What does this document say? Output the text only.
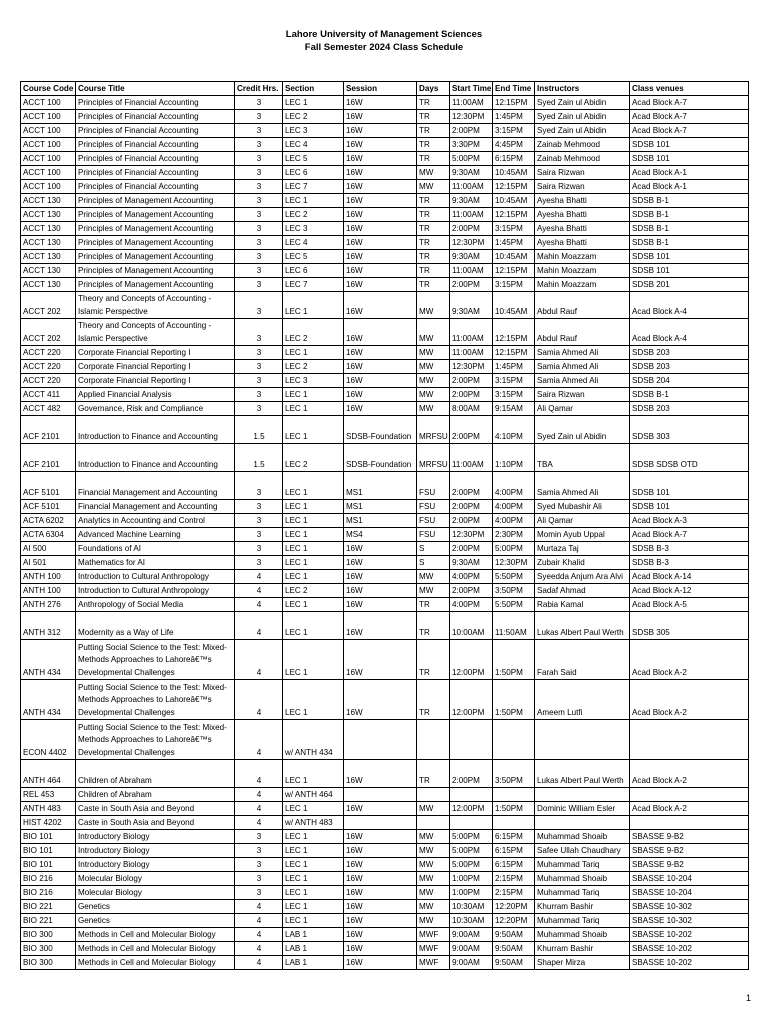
Lahore University of Management Sciences
Fall Semester 2024 Class Schedule
Course Code	Course Title	Credit Hrs.	Section	Session	Days	Start Time	End Time	Instructors	Class venues
ACCT 100	Principles of Financial Accounting	3	LEC 1	16W	TR	11:00AM	12:15PM	Syed Zain ul Abidin	Acad Block A-7
ACCT 100	Principles of Financial Accounting	3	LEC 2	16W	TR	12:30PM	1:45PM	Syed Zain ul Abidin	Acad Block A-7
ACCT 100	Principles of Financial Accounting	3	LEC 3	16W	TR	2:00PM	3:15PM	Syed Zain ul Abidin	Acad Block A-7
ACCT 100	Principles of Financial Accounting	3	LEC 4	16W	TR	3:30PM	4:45PM	Zainab Mehmood	SDSB 101
ACCT 100	Principles of Financial Accounting	3	LEC 5	16W	TR	5:00PM	6:15PM	Zainab Mehmood	SDSB 101
ACCT 100	Principles of Financial Accounting	3	LEC 6	16W	MW	9:30AM	10:45AM	Saira Rizwan	Acad Block A-1
ACCT 100	Principles of Financial Accounting	3	LEC 7	16W	MW	11:00AM	12:15PM	Saira Rizwan	Acad Block A-1
ACCT 130	Principles of Management Accounting	3	LEC 1	16W	TR	9:30AM	10:45AM	Ayesha Bhatti	SDSB B-1
ACCT 130	Principles of Management Accounting	3	LEC 2	16W	TR	11:00AM	12:15PM	Ayesha Bhatti	SDSB B-1
ACCT 130	Principles of Management Accounting	3	LEC 3	16W	TR	2:00PM	3:15PM	Ayesha Bhatti	SDSB B-1
ACCT 130	Principles of Management Accounting	3	LEC 4	16W	TR	12:30PM	1:45PM	Ayesha Bhatti	SDSB B-1
ACCT 130	Principles of Management Accounting	3	LEC 5	16W	TR	9:30AM	10:45AM	Mahin Moazzam	SDSB 101
ACCT 130	Principles of Management Accounting	3	LEC 6	16W	TR	11:00AM	12:15PM	Mahin Moazzam	SDSB 101
ACCT 130	Principles of Management Accounting	3	LEC 7	16W	TR	2:00PM	3:15PM	Mahin Moazzam	SDSB 201
ACCT 202	Theory and Concepts of Accounting - Islamic Perspective	3	LEC 1	16W	MW	9:30AM	10:45AM	Abdul Rauf	Acad Block A-4
ACCT 202	Theory and Concepts of Accounting - Islamic Perspective	3	LEC 2	16W	MW	11:00AM	12:15PM	Abdul Rauf	Acad Block A-4
ACCT 220	Corporate Financial Reporting I	3	LEC 1	16W	MW	11:00AM	12:15PM	Samia Ahmed Ali	SDSB 203
ACCT 220	Corporate Financial Reporting I	3	LEC 2	16W	MW	12:30PM	1:45PM	Samia Ahmed Ali	SDSB 203
ACCT 220	Corporate Financial Reporting I	3	LEC 3	16W	MW	2:00PM	3:15PM	Samia Ahmed Ali	SDSB 204
ACCT 411	Applied Financial Analysis	3	LEC 1	16W	MW	2:00PM	3:15PM	Saira Rizwan	SDSB B-1
ACCT 482	Governance, Risk and Compliance	3	LEC 1	16W	MW	8:00AM	9:15AM	Ali Qamar	SDSB 203
ACF 2101	Introduction to Finance and Accounting	1.5	LEC 1	SDSB-Foundation	MRFSU	2:00PM	4:10PM	Syed Zain ul Abidin	SDSB 303
ACF 2101	Introduction to Finance and Accounting	1.5	LEC 2	SDSB-Foundation	MRFSU	11:00AM	1:10PM	TBA	SDSB SDSB OTD
ACF 5101	Financial Management and Accounting	3	LEC 1	MS1	FSU	2:00PM	4:00PM	Samia Ahmed Ali	SDSB 101
ACF 5101	Financial Management and Accounting	3	LEC 1	MS1	FSU	2:00PM	4:00PM	Syed Mubashir Ali	SDSB 101
ACTA 6202	Analytics in Accounting and Control	3	LEC 1	MS1	FSU	2:00PM	4:00PM	Ali Qamar	Acad Block A-3
ACTA 6304	Advanced Machine Learning	3	LEC 1	MS4	FSU	12:30PM	2:30PM	Momin Ayub Uppal	Acad Block A-7
AI 500	Foundations of AI	3	LEC 1	16W	S	2:00PM	5:00PM	Murtaza Taj	SDSB B-3
AI 501	Mathematics for AI	3	LEC 1	16W	S	9:30AM	12:30PM	Zubair Khalid	SDSB B-3
ANTH 100	Introduction to Cultural Anthropology	4	LEC 1	16W	MW	4:00PM	5:50PM	Syeedda Anjum Ara Alvi	Acad Block A-14
ANTH 100	Introduction to Cultural Anthropology	4	LEC 2	16W	MW	2:00PM	3:50PM	Sadaf Ahmad	Acad Block A-12
ANTH 276	Anthropology of Social Media	4	LEC 1	16W	TR	4:00PM	5:50PM	Rabia Kamal	Acad Block A-5
ANTH 312	Modernity as a Way of Life	4	LEC 1	16W	TR	10:00AM	11:50AM	Lukas Albert Paul Werth	SDSB 305
ANTH 434	Putting Social Science to the Test: Mixed-Methods Approaches to Lahoreâ€™s Developmental Challenges	4	LEC 1	16W	TR	12:00PM	1:50PM	Farah Said	Acad Block A-2
ANTH 434	Putting Social Science to the Test: Mixed-Methods Approaches to Lahoreâ€™s Developmental Challenges	4	LEC 1	16W	TR	12:00PM	1:50PM	Ameem Lutfi	Acad Block A-2
ECON 4402	Putting Social Science to the Test: Mixed-Methods Approaches to Lahoreâ€™s Developmental Challenges	4	w/ ANTH 434						
ANTH 464	Children of Abraham	4	LEC 1	16W	TR	2:00PM	3:50PM	Lukas Albert Paul Werth	Acad Block A-2
REL 453	Children of Abraham	4	w/ ANTH 464						
ANTH 483	Caste in South Asia and Beyond	4	LEC 1	16W	MW	12:00PM	1:50PM	Dominic William Esler	Acad Block A-2
HIST 4202	Caste in South Asia and Beyond	4	w/ ANTH 483						
BIO 101	Introductory Biology	3	LEC 1	16W	MW	5:00PM	6:15PM	Muhammad Shoaib	SBASSE 9-B2
BIO 101	Introductory Biology	3	LEC 1	16W	MW	5:00PM	6:15PM	Safee Ullah Chaudhary	SBASSE 9-B2
BIO 101	Introductory Biology	3	LEC 1	16W	MW	5:00PM	6:15PM	Muhammad Tariq	SBASSE 9-B2
BIO 216	Molecular Biology	3	LEC 1	16W	MW	1:00PM	2:15PM	Muhammad Shoaib	SBASSE 10-204
BIO 216	Molecular Biology	3	LEC 1	16W	MW	1:00PM	2:15PM	Muhammad Tariq	SBASSE 10-204
BIO 221	Genetics	4	LEC 1	16W	MW	10:30AM	12:20PM	Khurram Bashir	SBASSE 10-302
BIO 221	Genetics	4	LEC 1	16W	MW	10:30AM	12:20PM	Muhammad Tariq	SBASSE 10-302
BIO 300	Methods in Cell and Molecular Biology	4	LAB 1	16W	MWF	9:00AM	9:50AM	Muhammad Shoaib	SBASSE 10-202
BIO 300	Methods in Cell and Molecular Biology	4	LAB 1	16W	MWF	9:00AM	9:50AM	Khurram Bashir	SBASSE 10-202
BIO 300	Methods in Cell and Molecular Biology	4	LAB 1	16W	MWF	9:00AM	9:50AM	Shaper Mirza	SBASSE 10-202
1
